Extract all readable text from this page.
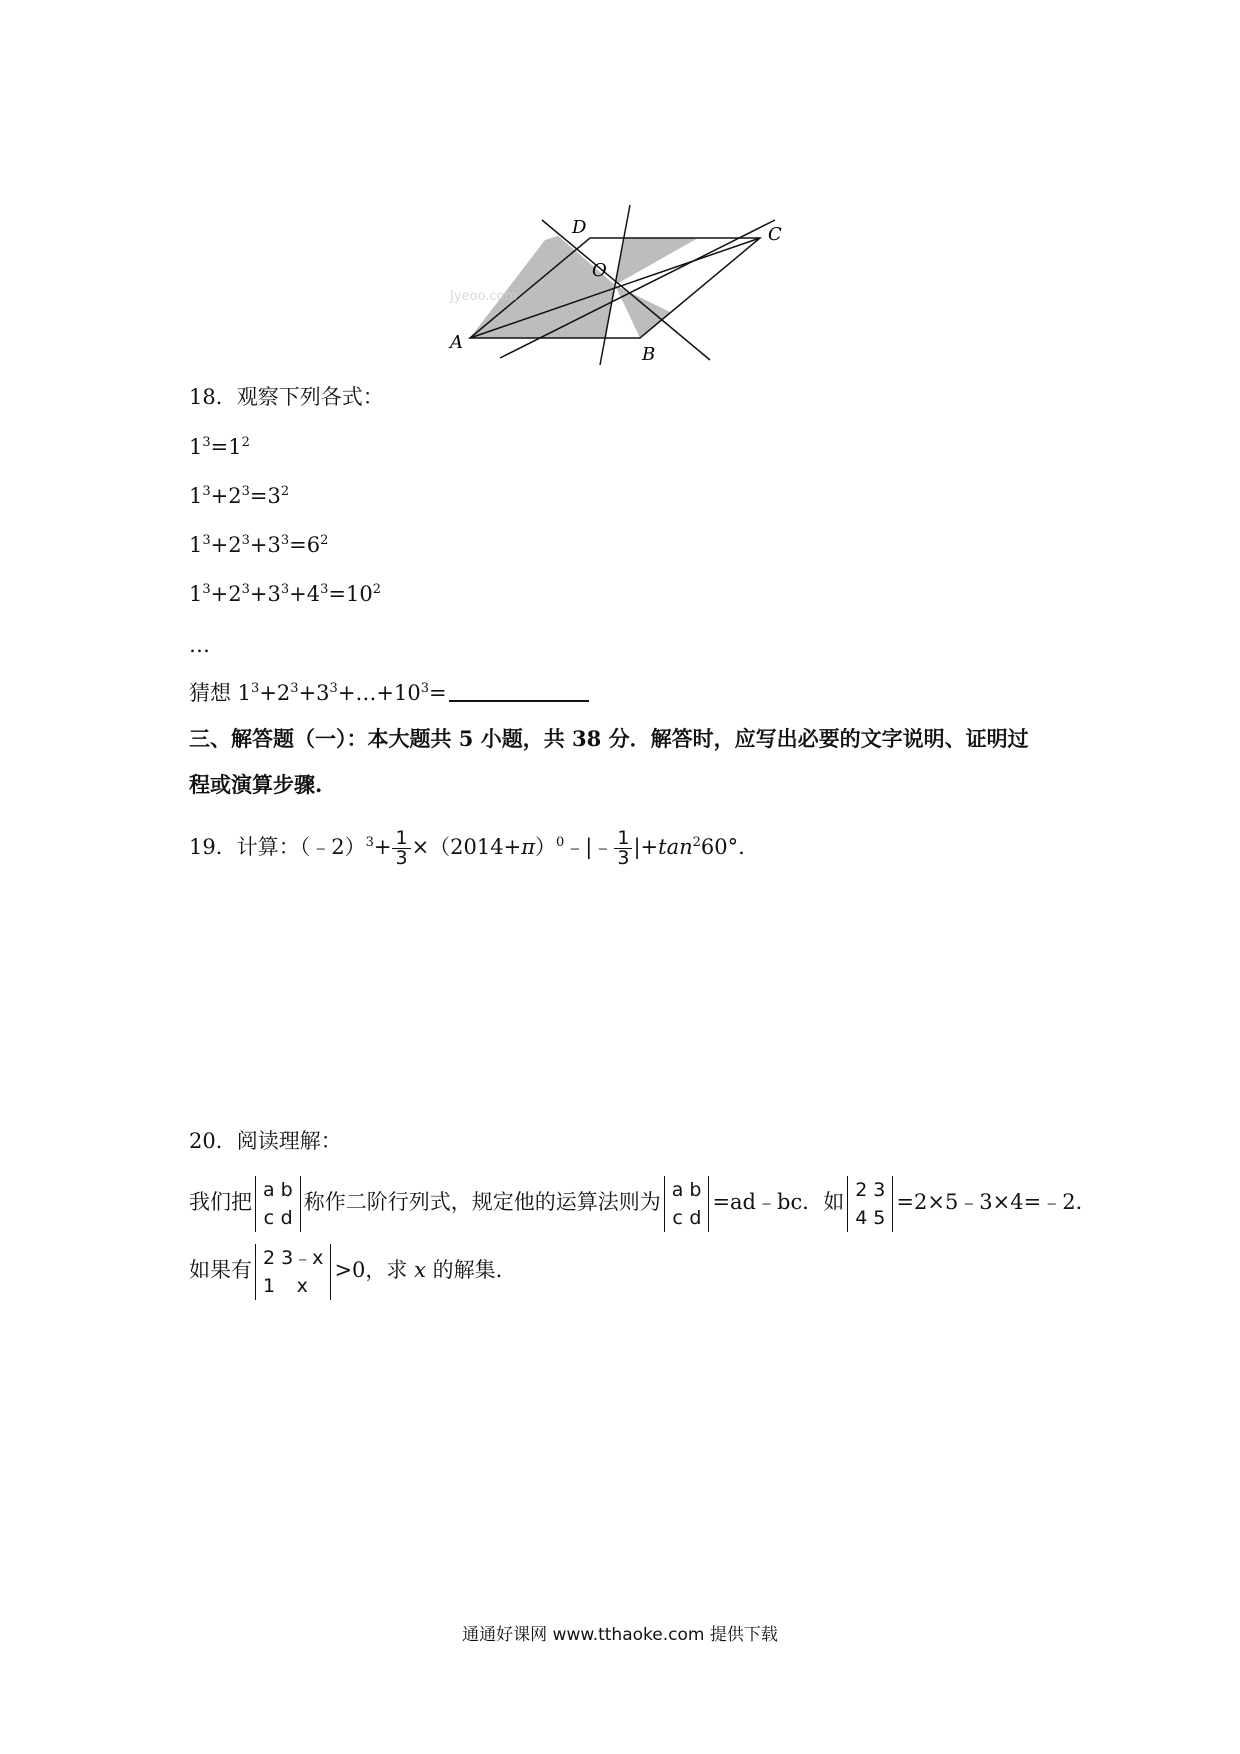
D	C
O
A
B
Jyeoo.com
18．观察下列各式：
$1^3=1^2$
$1^3+2^3=3^2$
$1^3+2^3+3^3=6^2$
$1^3+2^3+3^3+4^3=10^2$
…
猜想 $1^3+2^3+3^3+\dots+10^3=$
三、解答题（一）：本大题共 5 小题，共 38 分．解答时，应写出必要的文字说明、证明过
程或演算步骤.
19．计算：（﹣2）$^3$+ $\frac{1}{3}$ $\times(2014+\pi)^0﹣|﹣ \frac{1}{3} |+\tan^260^\circ$.
20．阅读理解：
我们把
a	b
c	d
称作二阶行列式，规定他的运算法则为
a	b
c	d
=ad﹣bc．如
2	3
4	5
=2×5﹣3×4=﹣2．
如果有
2	3﹣x
1	x
>0，求 x 的解集.
通通好课网 www.tthaoke.com 提供下载
